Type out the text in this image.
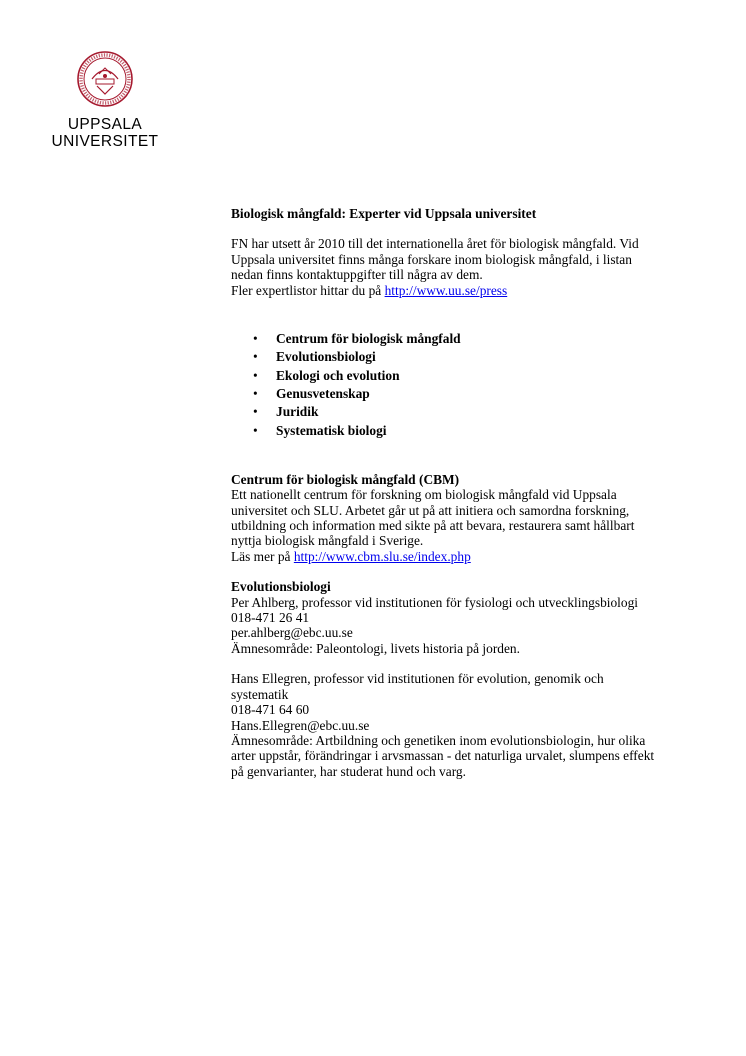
UPPSALA
UNIVERSITET

Biologisk mångfald: Experter vid Uppsala universitet

FN har utsett år 2010 till det internationella året för biologisk mångfald. Vid Uppsala universitet finns många forskare inom biologisk mångfald, i listan nedan finns kontaktuppgifter till några av dem.

Fler expertlistor hittar du på http://www.uu.se/press

• Centrum för biologisk mångfald
• Evolutionsbiologi
• Ekologi och evolution
• Genusvetenskap
• Juridik
• Systematisk biologi

Centrum för biologisk mångfald (CBM)

Ett nationellt centrum för forskning om biologisk mångfald vid Uppsala universitet och SLU. Arbetet går ut på att initiera och samordna forskning, utbildning och information med sikte på att bevara, restaurera samt hållbart nyttja biologisk mångfald i Sverige.

Läs mer på http://www.cbm.slu.se/index.php

Evolutionsbiologi

Per Ahlberg, professor vid institutionen för fysiologi och utvecklingsbiologi

018-471 26 41

per.ahlberg@ebc.uu.se

Ämnesområde: Paleontologi, livets historia på jorden.

Hans Ellegren, professor vid institutionen för evolution, genomik och systematik

018-471 64 60

Hans.Ellegren@ebc.uu.se

Ämnesområde: Artbildning och genetiken inom evolutionsbiologin, hur olika arter uppstår, förändringar i arvsmassan - det naturliga urvalet, slumpens effekt på genvarianter, har studerat hund och varg.
